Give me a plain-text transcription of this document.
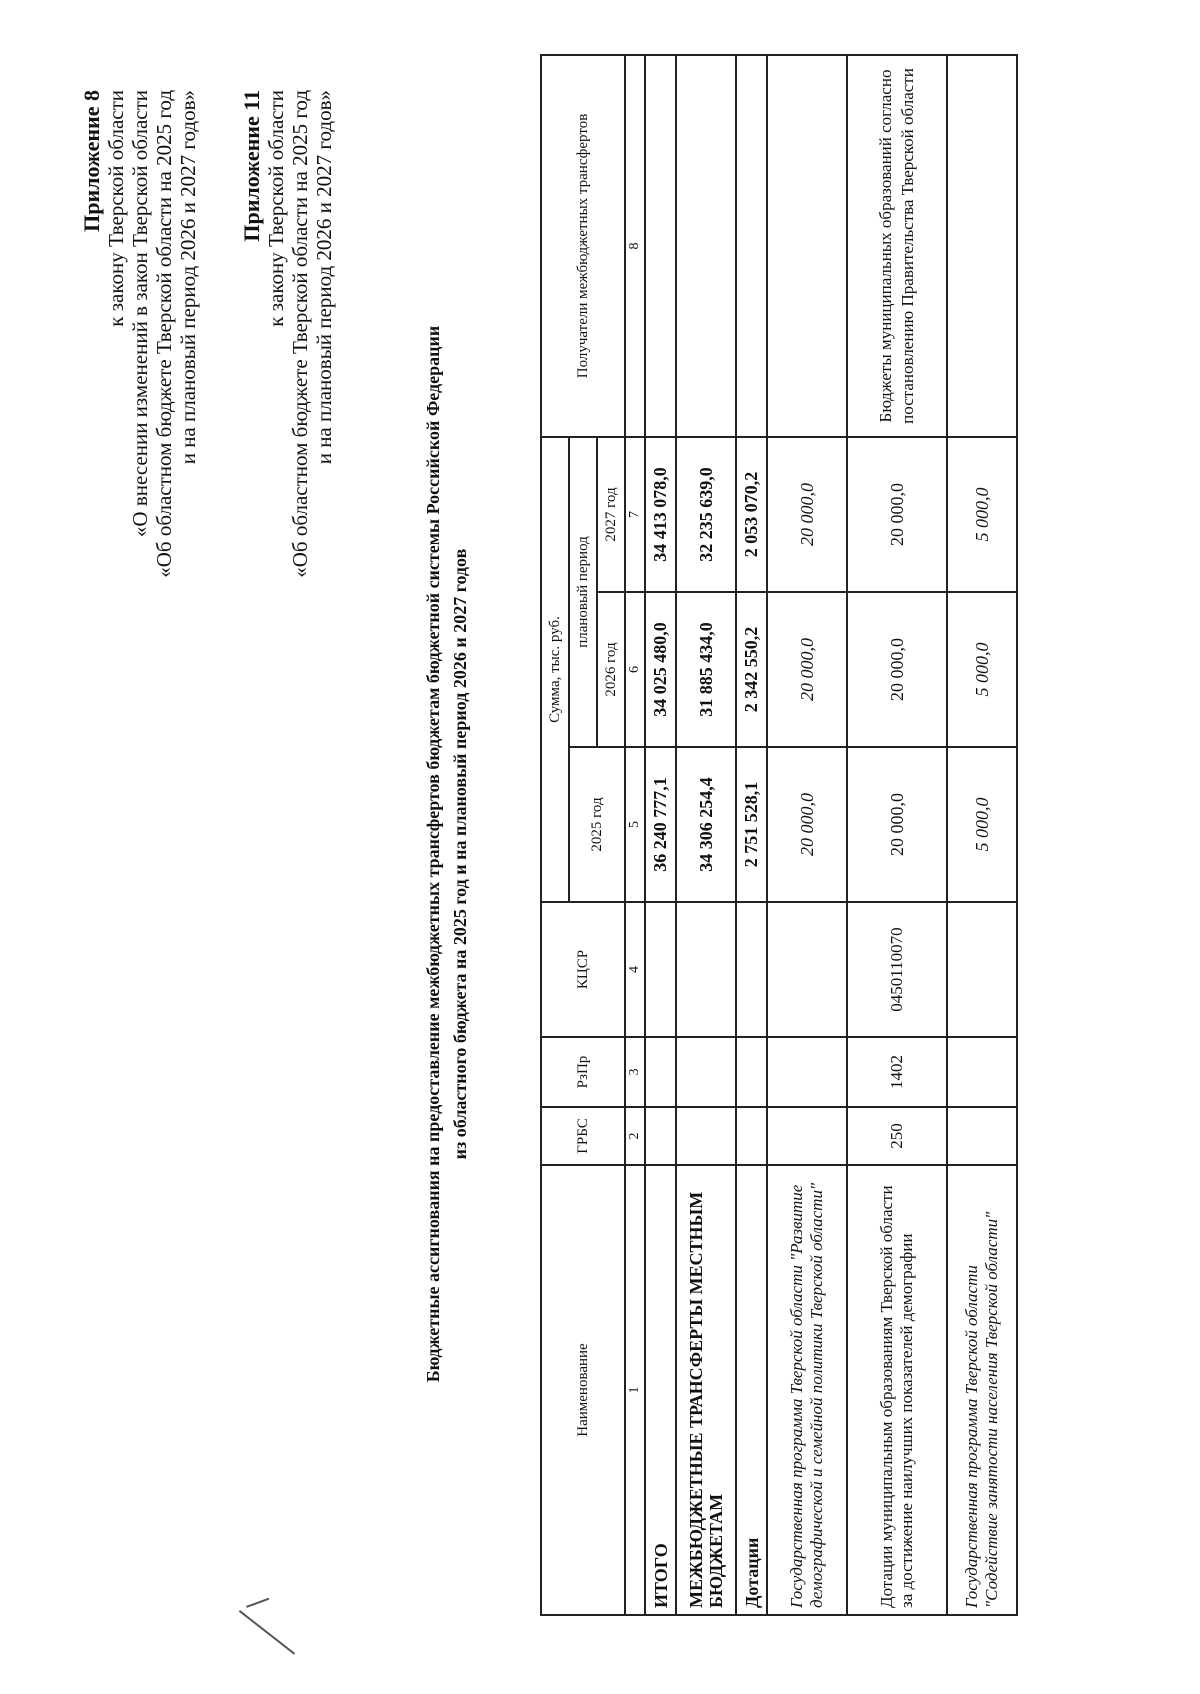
Приложение 8 к закону Тверской области «О внесении изменений в закон Тверской области «Об областном бюджете Тверской области на 2025 год и на плановый период 2026 и 2027 годов» Приложение 11 к закону Тверской области «Об областном бюджете Тверской области на 2025 год и на плановый период 2026 и 2027 годов»
Бюджетные ассигнования на предоставление межбюджетных трансфертов бюджетам бюджетной системы Российской Федерации из областного бюджета на 2025 год и на плановый период 2026 и 2027 годов
Наименование	ГРБС	РзПр	КЦСР	Сумма, тыс. руб.			Получатели межбюджетных трансфертов
				2025 год	плановый период		
					2026 год	2027 год	
1	2	3	4	5	6	7	8
ИТОГО				36 240 777,1	34 025 480,0	34 413 078,0	
МЕЖБЮДЖЕТНЫЕ ТРАНСФЕРТЫ МЕСТНЫМ БЮДЖЕТАМ				34 306 254,4	31 885 434,0	32 235 639,0	
Дотации				2 751 528,1	2 342 550,2	2 053 070,2	
Государственная программа Тверской области "Развитие демографической и семейной политики Тверской области"				20 000,0	20 000,0	20 000,0	
Дотации муниципальным образованиям Тверской области за достижение наилучших показателей демографии	250	1402	0450110070	20 000,0	20 000,0	20 000,0	Бюджеты муниципальных образований согласно постановлению Правительства Тверской области
Государственная программа Тверской области "Содействие занятости населения Тверской области"				5 000,0	5 000,0	5 000,0	
